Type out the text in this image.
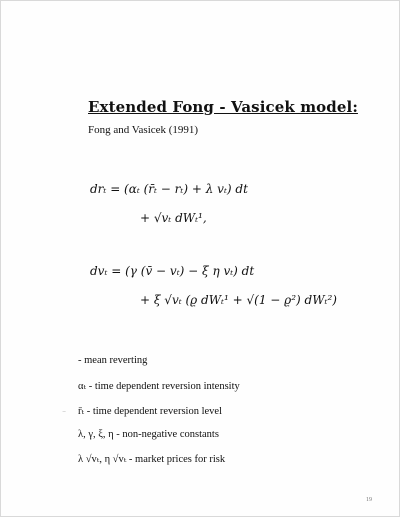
Extended Fong - Vasicek model:
Fong and Vasicek (1991)
drₜ = (αₜ (r̄ₜ − rₜ) + λ vₜ) dt
+ √vₜ dWₜ¹,
dvₜ = (γ (v̄ − vₜ) − ξ η vₜ) dt
+ ξ √vₜ (ϱ dWₜ¹ + √(1 − ϱ²) dWₜ²)
- mean reverting
αₜ - time dependent reversion intensity
~ r̄ₜ - time dependent reversion level
λ, γ, ξ, η - non-negative constants
λ √vₜ, η √vₜ - market prices for risk
19
